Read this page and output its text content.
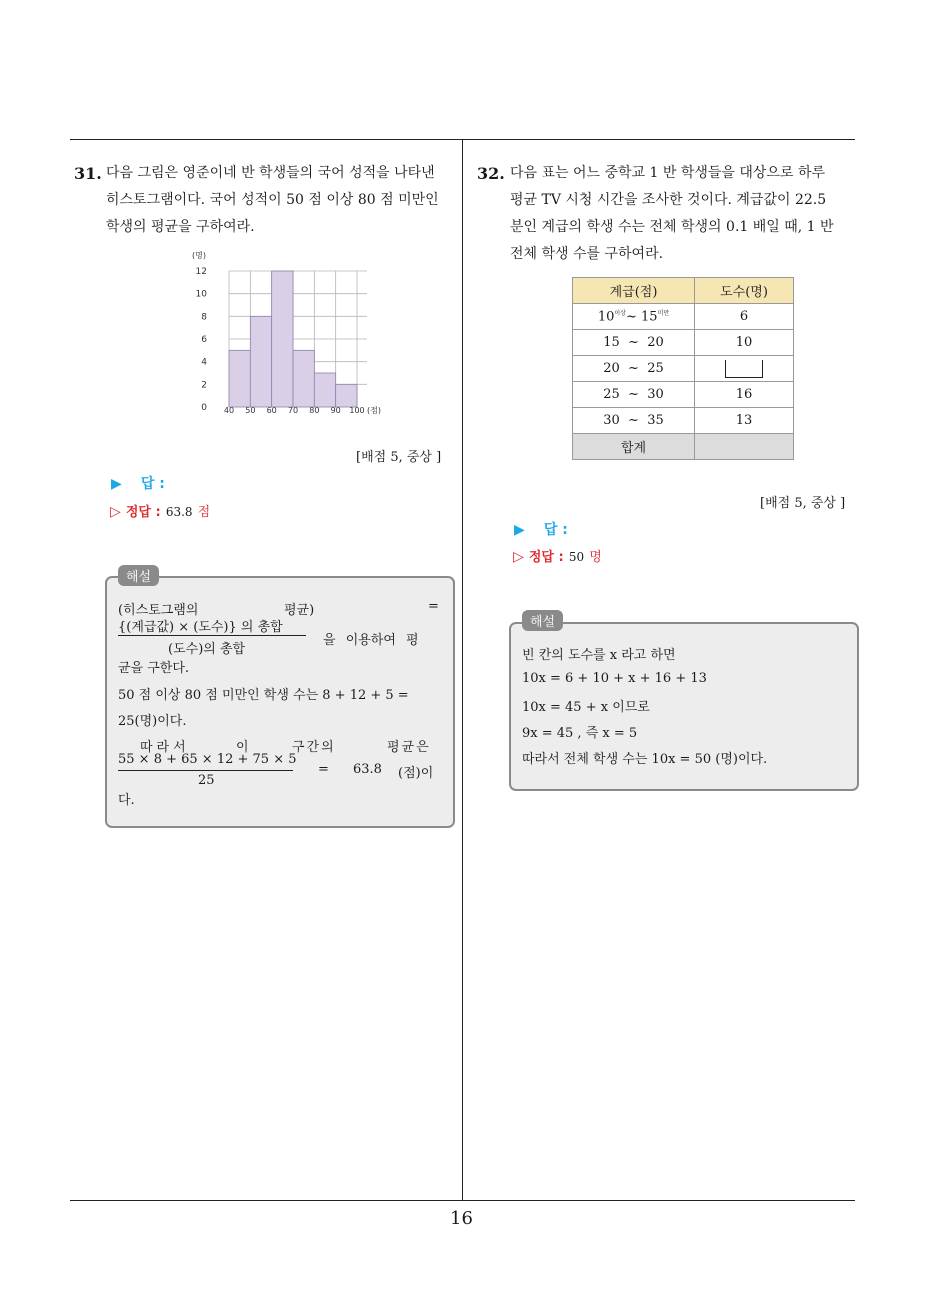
31. 다음 그림은 영준이네 반 학생들의 국어 성적을 나타낸
히스토그램이다. 국어 성적이 50 점 이상 80 점 미만인
학생의 평균을 구하여라.
0
2
4
6
8
10
12
(명)
40 50 60 70 80 90 100 (점)
[배점 5, 중상 ]
▶ 답 :
▷ 정답 : 63.8 점
해설
(히스토그램의	평균)	=
{(계급값) × (도수)} 의 총합
(도수)의 총합
을 이용하여 평
균을 구한다.
50 점 이상 80 점 미만인 학생 수는 8 + 12 + 5 =
25(명)이다.
따라서	이	구간의	평균은
55 × 8 + 65 × 12 + 75 × 5
25
= 63.8 (점)이
다.
32. 다음 표는 어느 중학교 1 반 학생들을 대상으로 하루
평균 TV 시청 시간을 조사한 것이다. 계급값이 22.5
분인 계급의 학생 수는 전체 학생의 0.1 배일 때, 1 반
전체 학생 수를 구하여라.
계급(점)	도수(명)
$10^{이상}\sim$ $15^{미만}$	6
15 ~ 20	10
20 ~ 25	
25 ~ 30	16
30 ~ 35	13
합계	
[배점 5, 중상 ]
▶ 답 :
▷ 정답 : 50 명
해설
빈 칸의 도수를 x 라고 하면
10x = 6 + 10 + x + 16 + 13
10x = 45 + x 이므로
9x = 45 , 즉 x = 5
따라서 전체 학생 수는 10x = 50 (명)이다.
16
